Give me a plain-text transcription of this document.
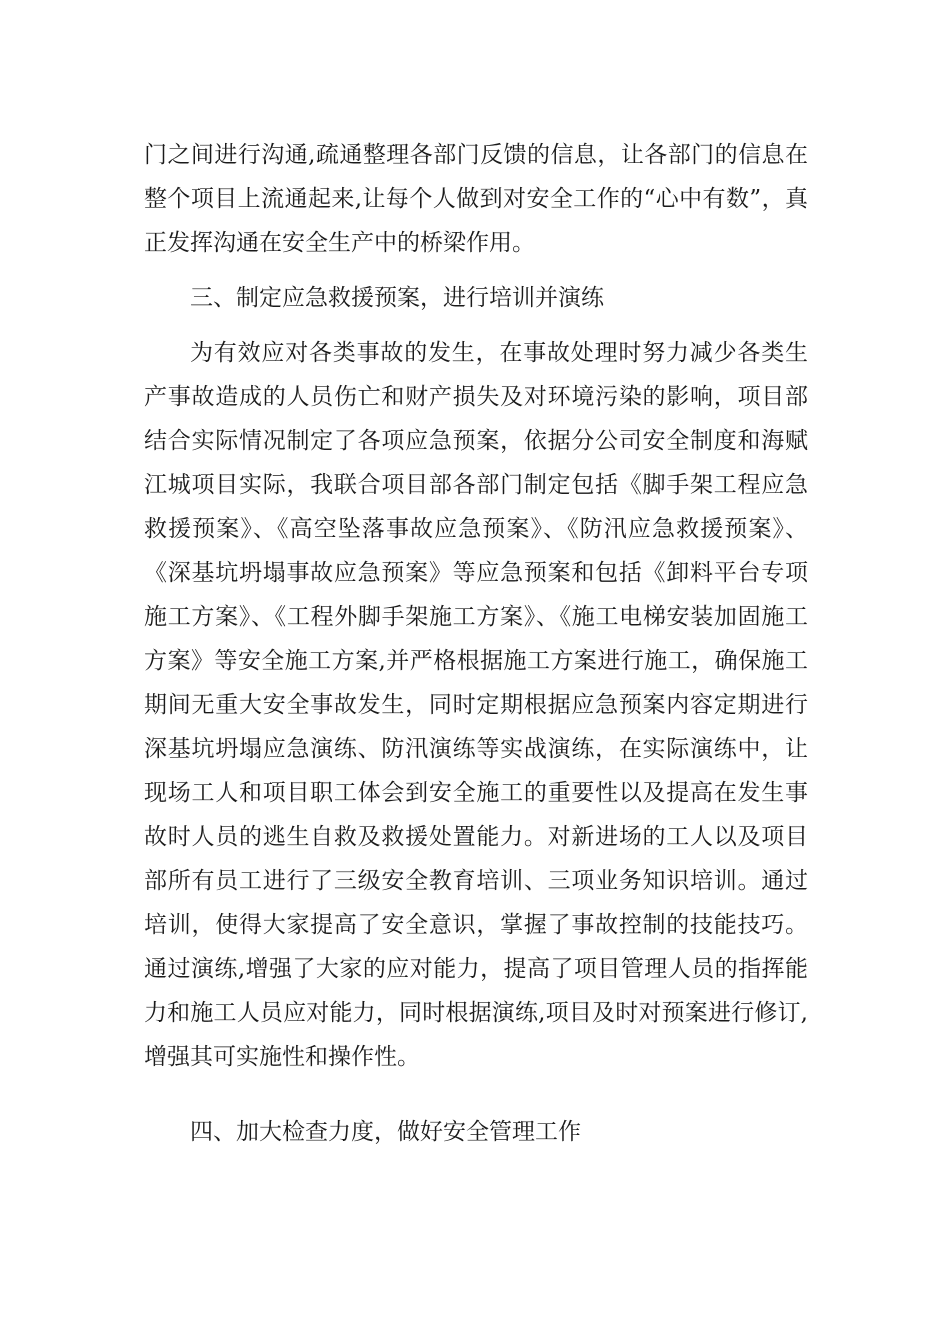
门之间进行沟通,疏通整理各部门反馈的信息，让各部门的信息在整个项目上流通起来,让每个人做到对安全工作的“心中有数”，真正发挥沟通在安全生产中的桥梁作用。

三、制定应急救援预案，进行培训并演练

为有效应对各类事故的发生，在事故处理时努力减少各类生产事故造成的人员伤亡和财产损失及对环境污染的影响，项目部结合实际情况制定了各项应急预案，依据分公司安全制度和海赋江城项目实际，我联合项目部各部门制定包括《脚手架工程应急救援预案》、《高空坠落事故应急预案》、《防汛应急救援预案》、《深基坑坍塌事故应急预案》等应急预案和包括《卸料平台专项施工方案》、《工程外脚手架施工方案》、《施工电梯安装加固施工方案》等安全施工方案,并严格根据施工方案进行施工，确保施工期间无重大安全事故发生，同时定期根据应急预案内容定期进行深基坑坍塌应急演练、防汛演练等实战演练，在实际演练中，让现场工人和项目职工体会到安全施工的重要性以及提高在发生事故时人员的逃生自救及救援处置能力。对新进场的工人以及项目部所有员工进行了三级安全教育培训、三项业务知识培训。通过培训，使得大家提高了安全意识，掌握了事故控制的技能技巧。通过演练,增强了大家的应对能力，提高了项目管理人员的指挥能力和施工人员应对能力，同时根据演练,项目及时对预案进行修订,增强其可实施性和操作性。

四、加大检查力度，做好安全管理工作
